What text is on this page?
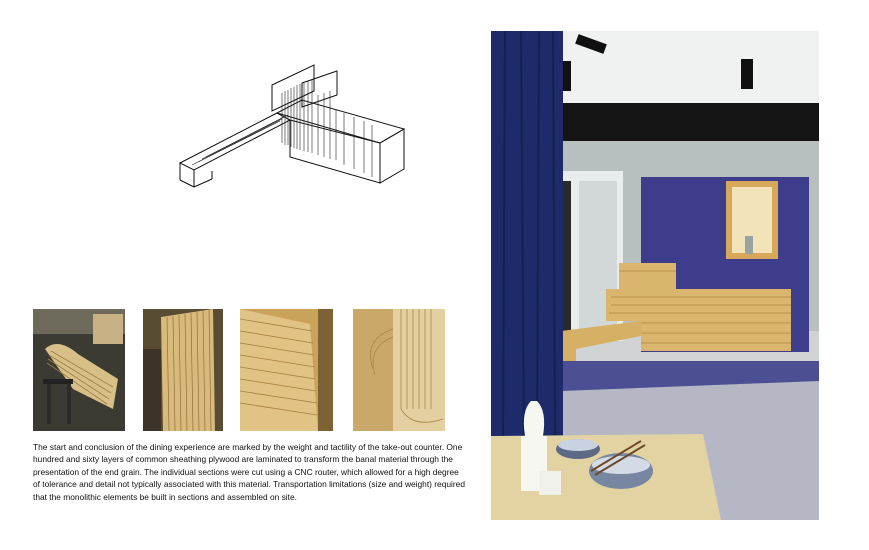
The start and conclusion of the dining experience are marked by the weight and tactility of the take-out counter. One hundred and sixty layers of common sheathing plywood are laminated to transform the banal material through the presentation of the end grain. The individual sections were cut using a CNC router, which allowed for a high degree of tolerance and detail not typically associated with this material. Transportation limitations (size and weight) required that the monolithic elements be built in sections and assembled on site.
